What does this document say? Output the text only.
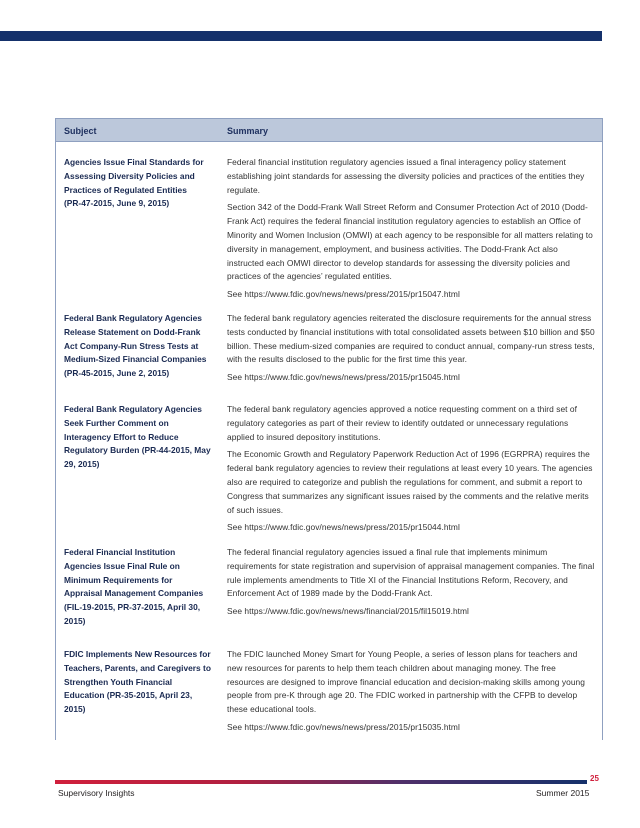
Subject	Summary
Agencies Issue Final Standards for
Assessing Diversity Policies and
Practices of Regulated Entities
(PR-47-2015, June 9, 2015)

Federal financial institution regulatory agencies issued a final interagency policy statement establishing joint standards for assessing the diversity policies and practices of the entities they regulate.

Section 342 of the Dodd-Frank Wall Street Reform and Consumer Protection Act of 2010 (Dodd-Frank Act) requires the federal financial institution regulatory agencies to establish an Office of Minority and Women Inclusion (OMWI) at each agency to be responsible for all matters relating to diversity in management, employment, and business activities. The Dodd-Frank Act also instructed each OMWI director to develop standards for assessing the diversity policies and practices of the agencies’ regulated entities.

See https://www.fdic.gov/news/news/press/2015/pr15047.html

Federal Bank Regulatory Agencies
Release Statement on Dodd-Frank
Act Company-Run Stress Tests at
Medium-Sized Financial Companies
(PR-45-2015, June 2, 2015)

The federal bank regulatory agencies reiterated the disclosure requirements for the annual stress tests conducted by financial institutions with total consolidated assets between $10 billion and $50 billion. These medium-sized companies are required to conduct annual, company-run stress tests, with the results disclosed to the public for the first time this year.

See https://www.fdic.gov/news/news/press/2015/pr15045.html

Federal Bank Regulatory Agencies
Seek Further Comment on
Interagency Effort to Reduce
Regulatory Burden (PR-44-2015, May
29, 2015)

The federal bank regulatory agencies approved a notice requesting comment on a third set of regulatory categories as part of their review to identify outdated or unnecessary regulations applied to insured depository institutions.

The Economic Growth and Regulatory Paperwork Reduction Act of 1996 (EGRPRA) requires the federal bank regulatory agencies to review their regulations at least every 10 years. The agencies also are required to categorize and publish the regulations for comment, and submit a report to Congress that summarizes any significant issues raised by the comments and the relative merits of such issues.

See https://www.fdic.gov/news/news/press/2015/pr15044.html

Federal Financial Institution
Agencies Issue Final Rule on
Minimum Requirements for
Appraisal Management Companies
(FIL-19-2015, PR-37-2015, April 30,
2015)

The federal financial regulatory agencies issued a final rule that implements minimum requirements for state registration and supervision of appraisal management companies. The final rule implements amendments to Title XI of the Financial Institutions Reform, Recovery, and Enforcement Act of 1989 made by the Dodd-Frank Act.

See https://www.fdic.gov/news/news/financial/2015/fil15019.html

FDIC Implements New Resources for
Teachers, Parents, and Caregivers to
Strengthen Youth Financial
Education (PR-35-2015, April 23,
2015)

The FDIC launched Money Smart for Young People, a series of lesson plans for teachers and new resources for parents to help them teach children about managing money. The free resources are designed to improve financial education and decision-making skills among young people from pre-K through age 20. The FDIC worked in partnership with the CFPB to develop these educational tools.

See https://www.fdic.gov/news/news/press/2015/pr15035.html

25
Supervisory Insights	Summer 2015
